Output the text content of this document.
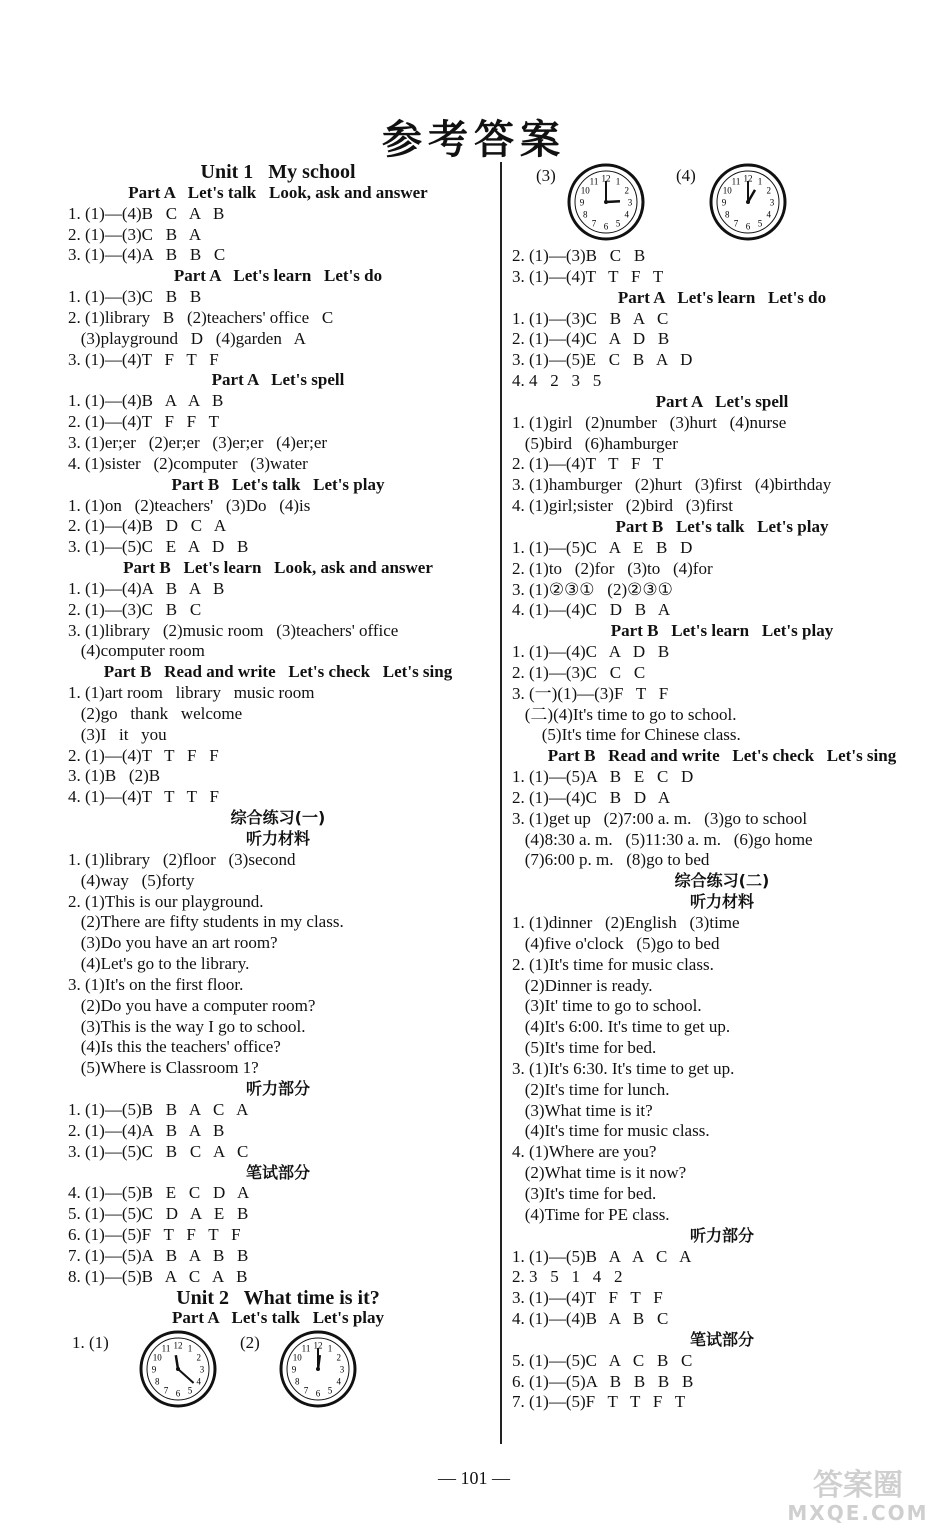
参考答案
Unit 1   My school
Part A   Let's talk   Look, ask and answer
1. (1)—(4)B   C   A   B
2. (1)—(3)C   B   A
3. (1)—(4)A   B   B   C
Part A   Let's learn   Let's do
1. (1)—(3)C   B   B
2. (1)library   B   (2)teachers' office   C
(3)playground   D   (4)garden   A
3. (1)—(4)T   F   T   F
Part A   Let's spell
1. (1)—(4)B   A   A   B
2. (1)—(4)T   F   F   T
3. (1)er;er   (2)er;er   (3)er;er   (4)er;er
4. (1)sister   (2)computer   (3)water
Part B   Let's talk   Let's play
1. (1)on   (2)teachers'   (3)Do   (4)is
2. (1)—(4)B   D   C   A
3. (1)—(5)C   E   A   D   B
Part B   Let's learn   Look, ask and answer
1. (1)—(4)A   B   A   B
2. (1)—(3)C   B   C
3. (1)library   (2)music room   (3)teachers' office
(4)computer room
Part B   Read and write   Let's check   Let's sing
1. (1)art room   library   music room
(2)go   thank   welcome
(3)I   it   you
2. (1)—(4)T   T   F   F
3. (1)B   (2)B
4. (1)—(4)T   T   T   F
综合练习(一)
听力材料
1. (1)library   (2)floor   (3)second
(4)way   (5)forty
2. (1)This is our playground.
(2)There are fifty students in my class.
(3)Do you have an art room?
(4)Let's go to the library.
3. (1)It's on the first floor.
(2)Do you have a computer room?
(3)This is the way I go to school.
(4)Is this the teachers' office?
(5)Where is Classroom 1?
听力部分
1. (1)—(5)B   B   A   C   A
2. (1)—(4)A   B   A   B
3. (1)—(5)C   B   C   A   C
笔试部分
4. (1)—(5)B   E   C   D   A
5. (1)—(5)C   D   A   E   B
6. (1)—(5)F   T   F   T   F
7. (1)—(5)A   B   A   B   B
8. (1)—(5)B   A   C   A   B
Unit 2   What time is it?
Part A   Let's talk   Let's play
1. (1)	12 1
2
3
4
5
6
7
8
9
10
11	(2)	12 1
2
3
4
5
6
7
8
9
10
11
(3)	12 1
2
3
4
5
6
7
8
9
10
11	(4)	12 1
2
3
4
5
6
7
8
9
10
11
2. (1)—(3)B   C   B
3. (1)—(4)T   T   F   T
Part A   Let's learn   Let's do
1. (1)—(3)C   B   A   C
2. (1)—(4)C   A   D   B
3. (1)—(5)E   C   B   A   D
4. 4   2   3   5
Part A   Let's spell
1. (1)girl   (2)number   (3)hurt   (4)nurse
(5)bird   (6)hamburger
2. (1)—(4)T   T   F   T
3. (1)hamburger   (2)hurt   (3)first   (4)birthday
4. (1)girl;sister   (2)bird   (3)first
Part B   Let's talk   Let's play
1. (1)—(5)C   A   E   B   D
2. (1)to   (2)for   (3)to   (4)for
3. (1)②③①   (2)②③①
4. (1)—(4)C   D   B   A
Part B   Let's learn   Let's play
1. (1)—(4)C   A   D   B
2. (1)—(3)C   C   C
3. (一)(1)—(3)F   T   F
(二)(4)It's time to go to school.
(5)It's time for Chinese class.
Part B   Read and write   Let's check   Let's sing
1. (1)—(5)A   B   E   C   D
2. (1)—(4)C   B   D   A
3. (1)get up   (2)7:00 a. m.   (3)go to school
(4)8:30 a. m.   (5)11:30 a. m.   (6)go home
(7)6:00 p. m.   (8)go to bed
综合练习(二)
听力材料
1. (1)dinner   (2)English   (3)time
(4)five o'clock   (5)go to bed
2. (1)It's time for music class.
(2)Dinner is ready.
(3)It' time to go to school.
(4)It's 6:00. It's time to get up.
(5)It's time for bed.
3. (1)It's 6:30. It's time to get up.
(2)It's time for lunch.
(3)What time is it?
(4)It's time for music class.
4. (1)Where are you?
(2)What time is it now?
(3)It's time for bed.
(4)Time for PE class.
听力部分
1. (1)—(5)B   A   A   C   A
2. 3   5   1   4   2
3. (1)—(4)T   F   T   F
4. (1)—(4)B   A   B   C
笔试部分
5. (1)—(5)C   A   C   B   C
6. (1)—(5)A   B   B   B   B
7. (1)—(5)F   T   T   F   T
— 101 —	答案圈
MXQE.COM
